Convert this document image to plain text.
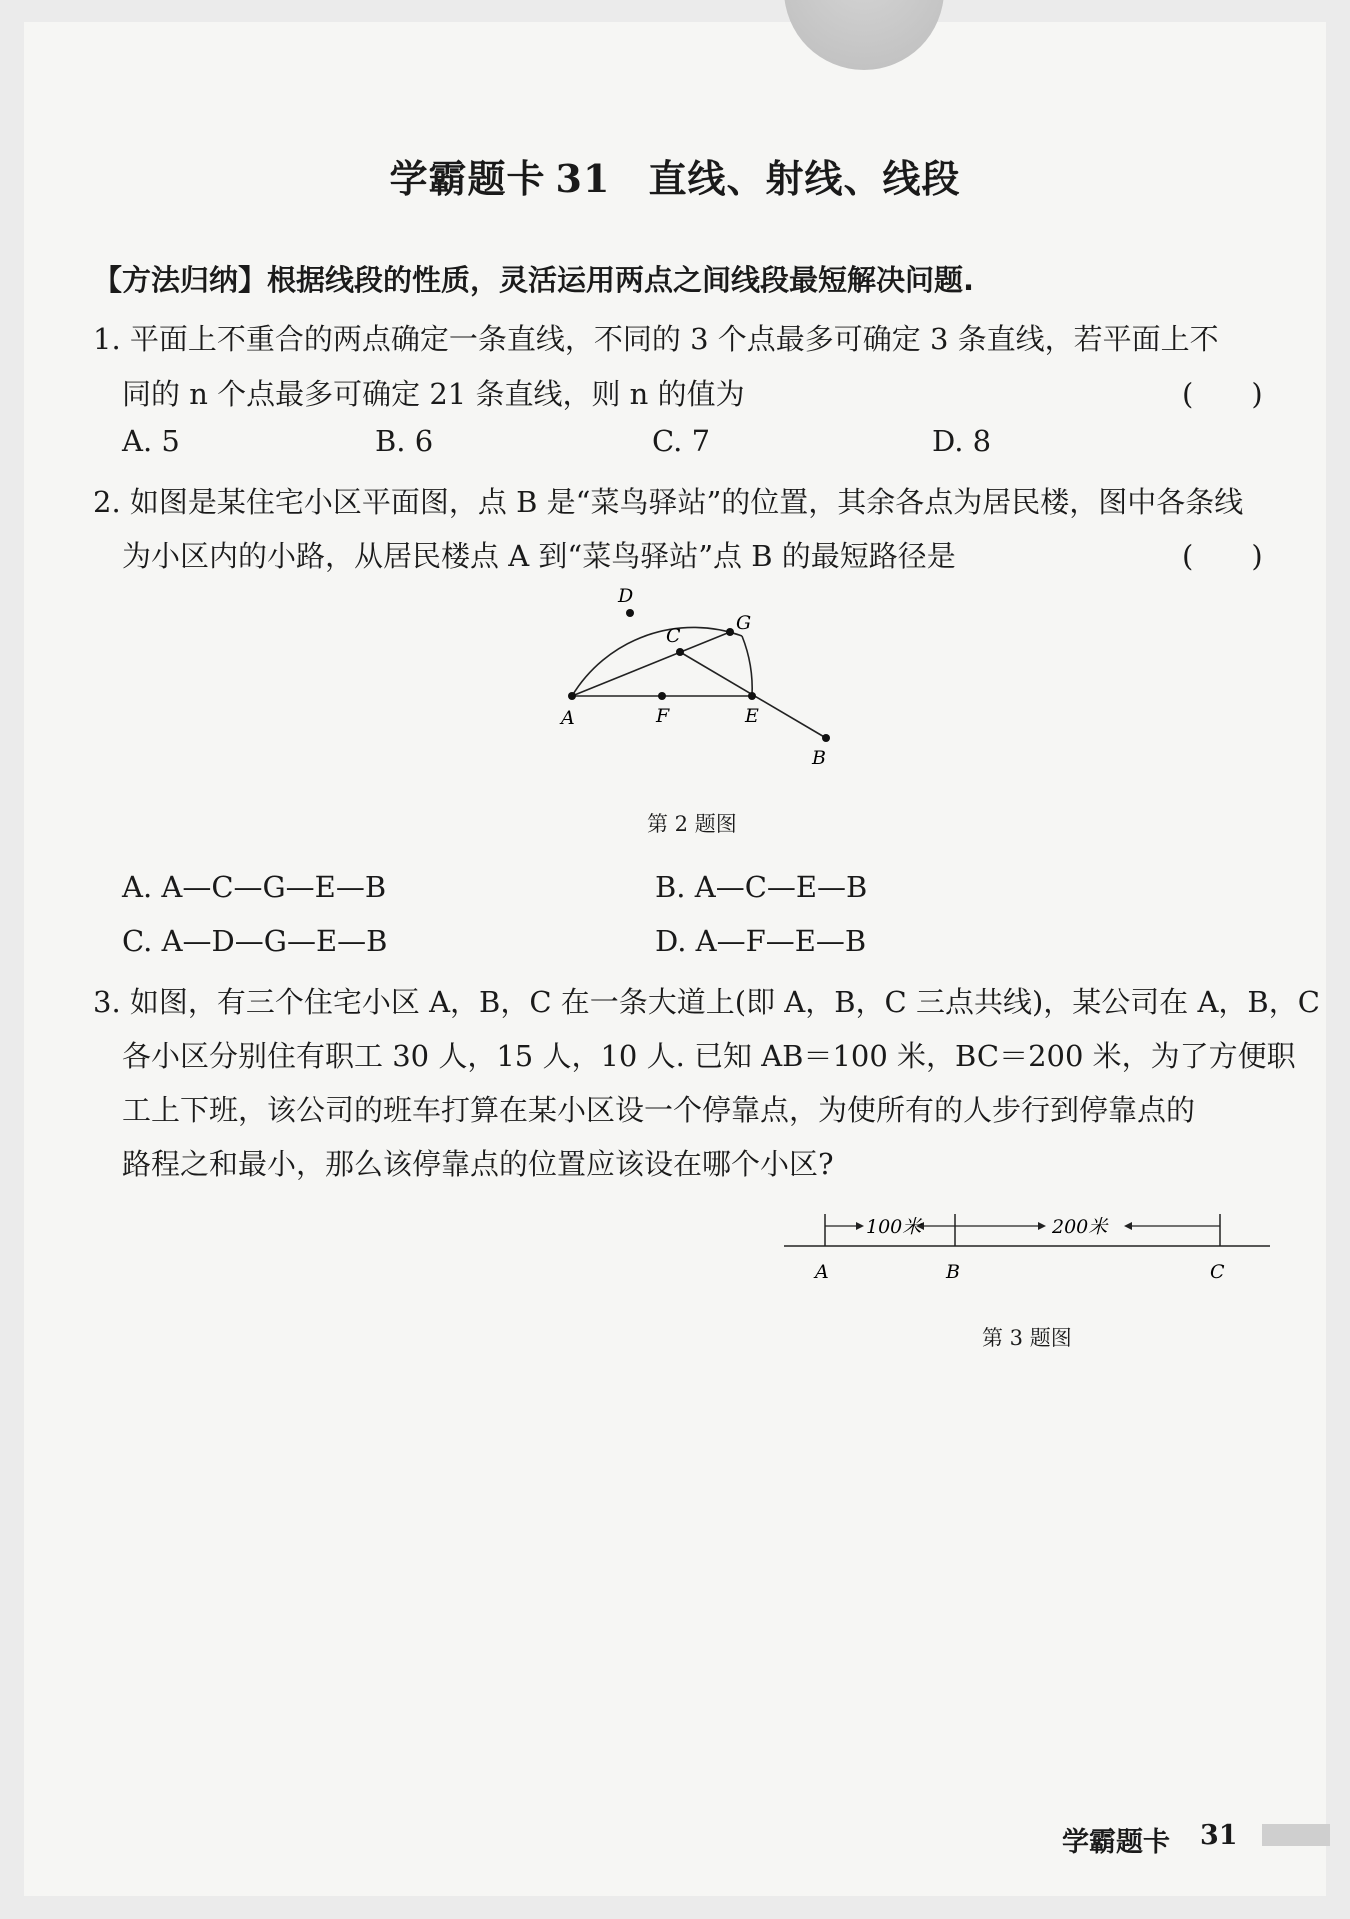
学霸题卡 31 直线、射线、线段
【方法归纳】根据线段的性质，灵活运用两点之间线段最短解决问题.
1. 平面上不重合的两点确定一条直线，不同的 3 个点最多可确定 3 条直线，若平面上不
同的 n 个点最多可确定 21 条直线，则 n 的值为	(　　)
A. 5	B. 6	C. 7	D. 8
2. 如图是某住宅小区平面图，点 B 是“菜鸟驿站”的位置，其余各点为居民楼，图中各条线
为小区内的小路，从居民楼点 A 到“菜鸟驿站”点 B 的最短路径是	(　　)
A	F	E
C
G
D
B
第 2 题图
A. A—C—G—E—B	B. A—C—E—B
C. A—D—G—E—B	D. A—F—E—B
3. 如图，有三个住宅小区 A，B，C 在一条大道上(即 A，B，C 三点共线)，某公司在 A，B，C
各小区分别住有职工 30 人，15 人，10 人. 已知 AB＝100 米，BC＝200 米，为了方便职
工上下班，该公司的班车打算在某小区设一个停靠点，为使所有的人步行到停靠点的
路程之和最小，那么该停靠点的位置应该设在哪个小区?
100米	200米
A	B	C
第 3 题图
学霸题卡 31
